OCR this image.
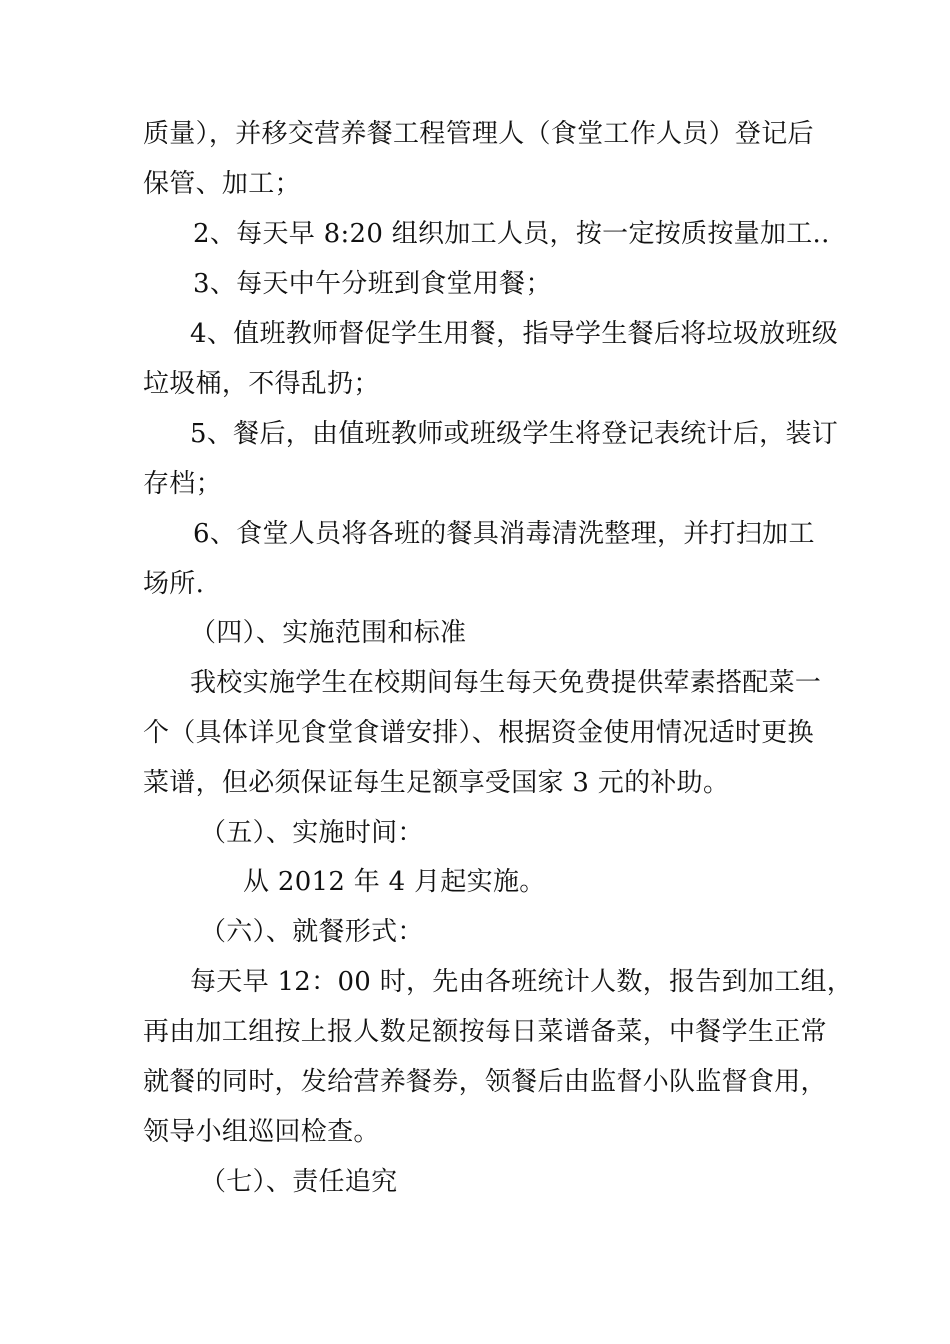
质量），并移交营养餐工程管理人（食堂工作人员）登记后
保管、加工；
2、每天早 8:20 组织加工人员，按一定按质按量加工..
3、每天中午分班到食堂用餐；
4、值班教师督促学生用餐，指导学生餐后将垃圾放班级
垃圾桶，不得乱扔；
5、餐后，由值班教师或班级学生将登记表统计后，装订
存档；
6、食堂人员将各班的餐具消毒清洗整理，并打扫加工
场所.
（四）、实施范围和标准
我校实施学生在校期间每生每天免费提供荤素搭配菜一
个（具体详见食堂食谱安排）、根据资金使用情况适时更换
菜谱，但必须保证每生足额享受国家 3 元的补助。
（五）、实施时间：
从 2012 年 4 月起实施。
（六）、就餐形式：
每天早 12：00 时，先由各班统计人数，报告到加工组，
再由加工组按上报人数足额按每日菜谱备菜，中餐学生正常
就餐的同时，发给营养餐券，领餐后由监督小队监督食用，
领导小组巡回检查。
（七）、责任追究
